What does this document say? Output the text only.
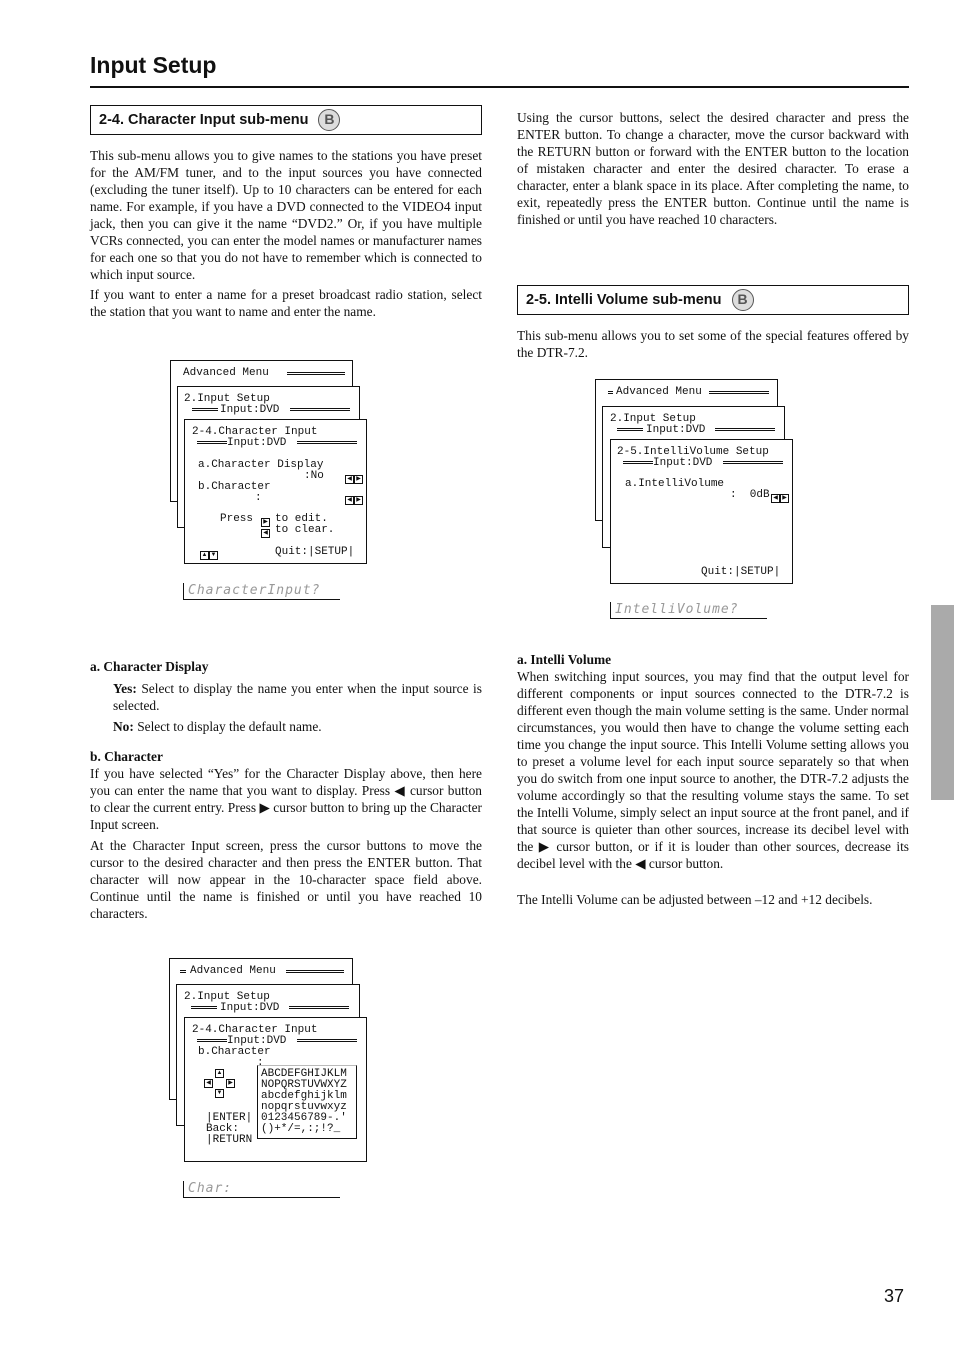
Input Setup
2-4. Character Input sub-menu	B

This sub-menu allows you to give names to the stations you have preset for the AM/FM tuner, and to the input sources you have connected (excluding the tuner itself). Up to 10 characters can be entered for each name. For example, if you have a DVD connected to the VIDEO4 input jack, then you can give it the name “DVD2.” Or, if you have multiple VCRs connected, you can enter the model names or manufacturer names for each one so that you do not have to remember which is connected to which input source.

If you want to enter a name for a preset broadcast radio station, select the station that you want to name and enter the name.

Advanced Menu
2.Input Setup
Input:DVD
2-4.Character Input
Input:DVD
a.Character Display
:No	◀ ▶
b.Character
:	◀ ▶
Press	▶ to edit.
◀ to clear.
▲ ▼	Quit:|SETUP|
CharacterInput?

a. Character Display

Yes: Select to display the name you enter when the input source is selected.

No: Select to display the default name.

b. Character

If you have selected “Yes” for the Character Display above, then here you can enter the name that you want to display. Press ◀ cursor button to clear the current entry. Press ▶ cursor button to bring up the Character Input screen.

At the Character Input screen, press the cursor buttons to move the cursor to the desired character and then press the ENTER button. That character will now appear in the 10-character space field above. Continue until the name is finished or until you have reached 10 characters.

Advanced Menu
2.Input Setup
Input:DVD
2-4.Character Input
Input:DVD
b.Character
:
▲
◀	▶
▼
ABCDEFGHIJKLM
NOPQRSTUVWXYZ
abcdefghijklm
nopqrstuvwxyz
0123456789-.'
()+*/=,:;!?_
|ENTER|
Back:
|RETURN
Char:

Using the cursor buttons, select the desired character and press the ENTER button. To change a character, move the cursor backward with the RETURN button or forward with the ENTER button to the location of mistaken character and enter the desired character. To erase a character, enter a blank space in its place. After completing the name, to exit, repeatedly press the ENTER button. Continue until the name is finished or until you have reached 10 characters.

2-5. Intelli Volume sub-menu	B

This sub-menu allows you to set some of the special features offered by the DTR-7.2.

Advanced Menu
2.Input Setup
Input:DVD
2-5.IntelliVolume Setup
Input:DVD
a.IntelliVolume
:  0dB ◀ ▶
Quit:|SETUP|
IntelliVolume?

a. Intelli Volume

When switching input sources, you may find that the output level for different components or input sources connected to the DTR-7.2 is different even though the main volume setting is the same. Under normal circumstances, you would then have to change the volume setting each time you change the input source. This Intelli Volume setting allows you to preset a volume level for each input source separately so that when you do switch from one input source to another, the DTR-7.2 adjusts the volume accordingly so that the resulting volume stays the same. To set the Intelli Volume, simply select an input source at the front panel, and if that source is quieter than other sources, increase its decibel level with the ▶ cursor button, or if it is louder than other sources, decrease its decibel level with the ◀ cursor button.

The Intelli Volume can be adjusted between –12 and +12 decibels.

37
